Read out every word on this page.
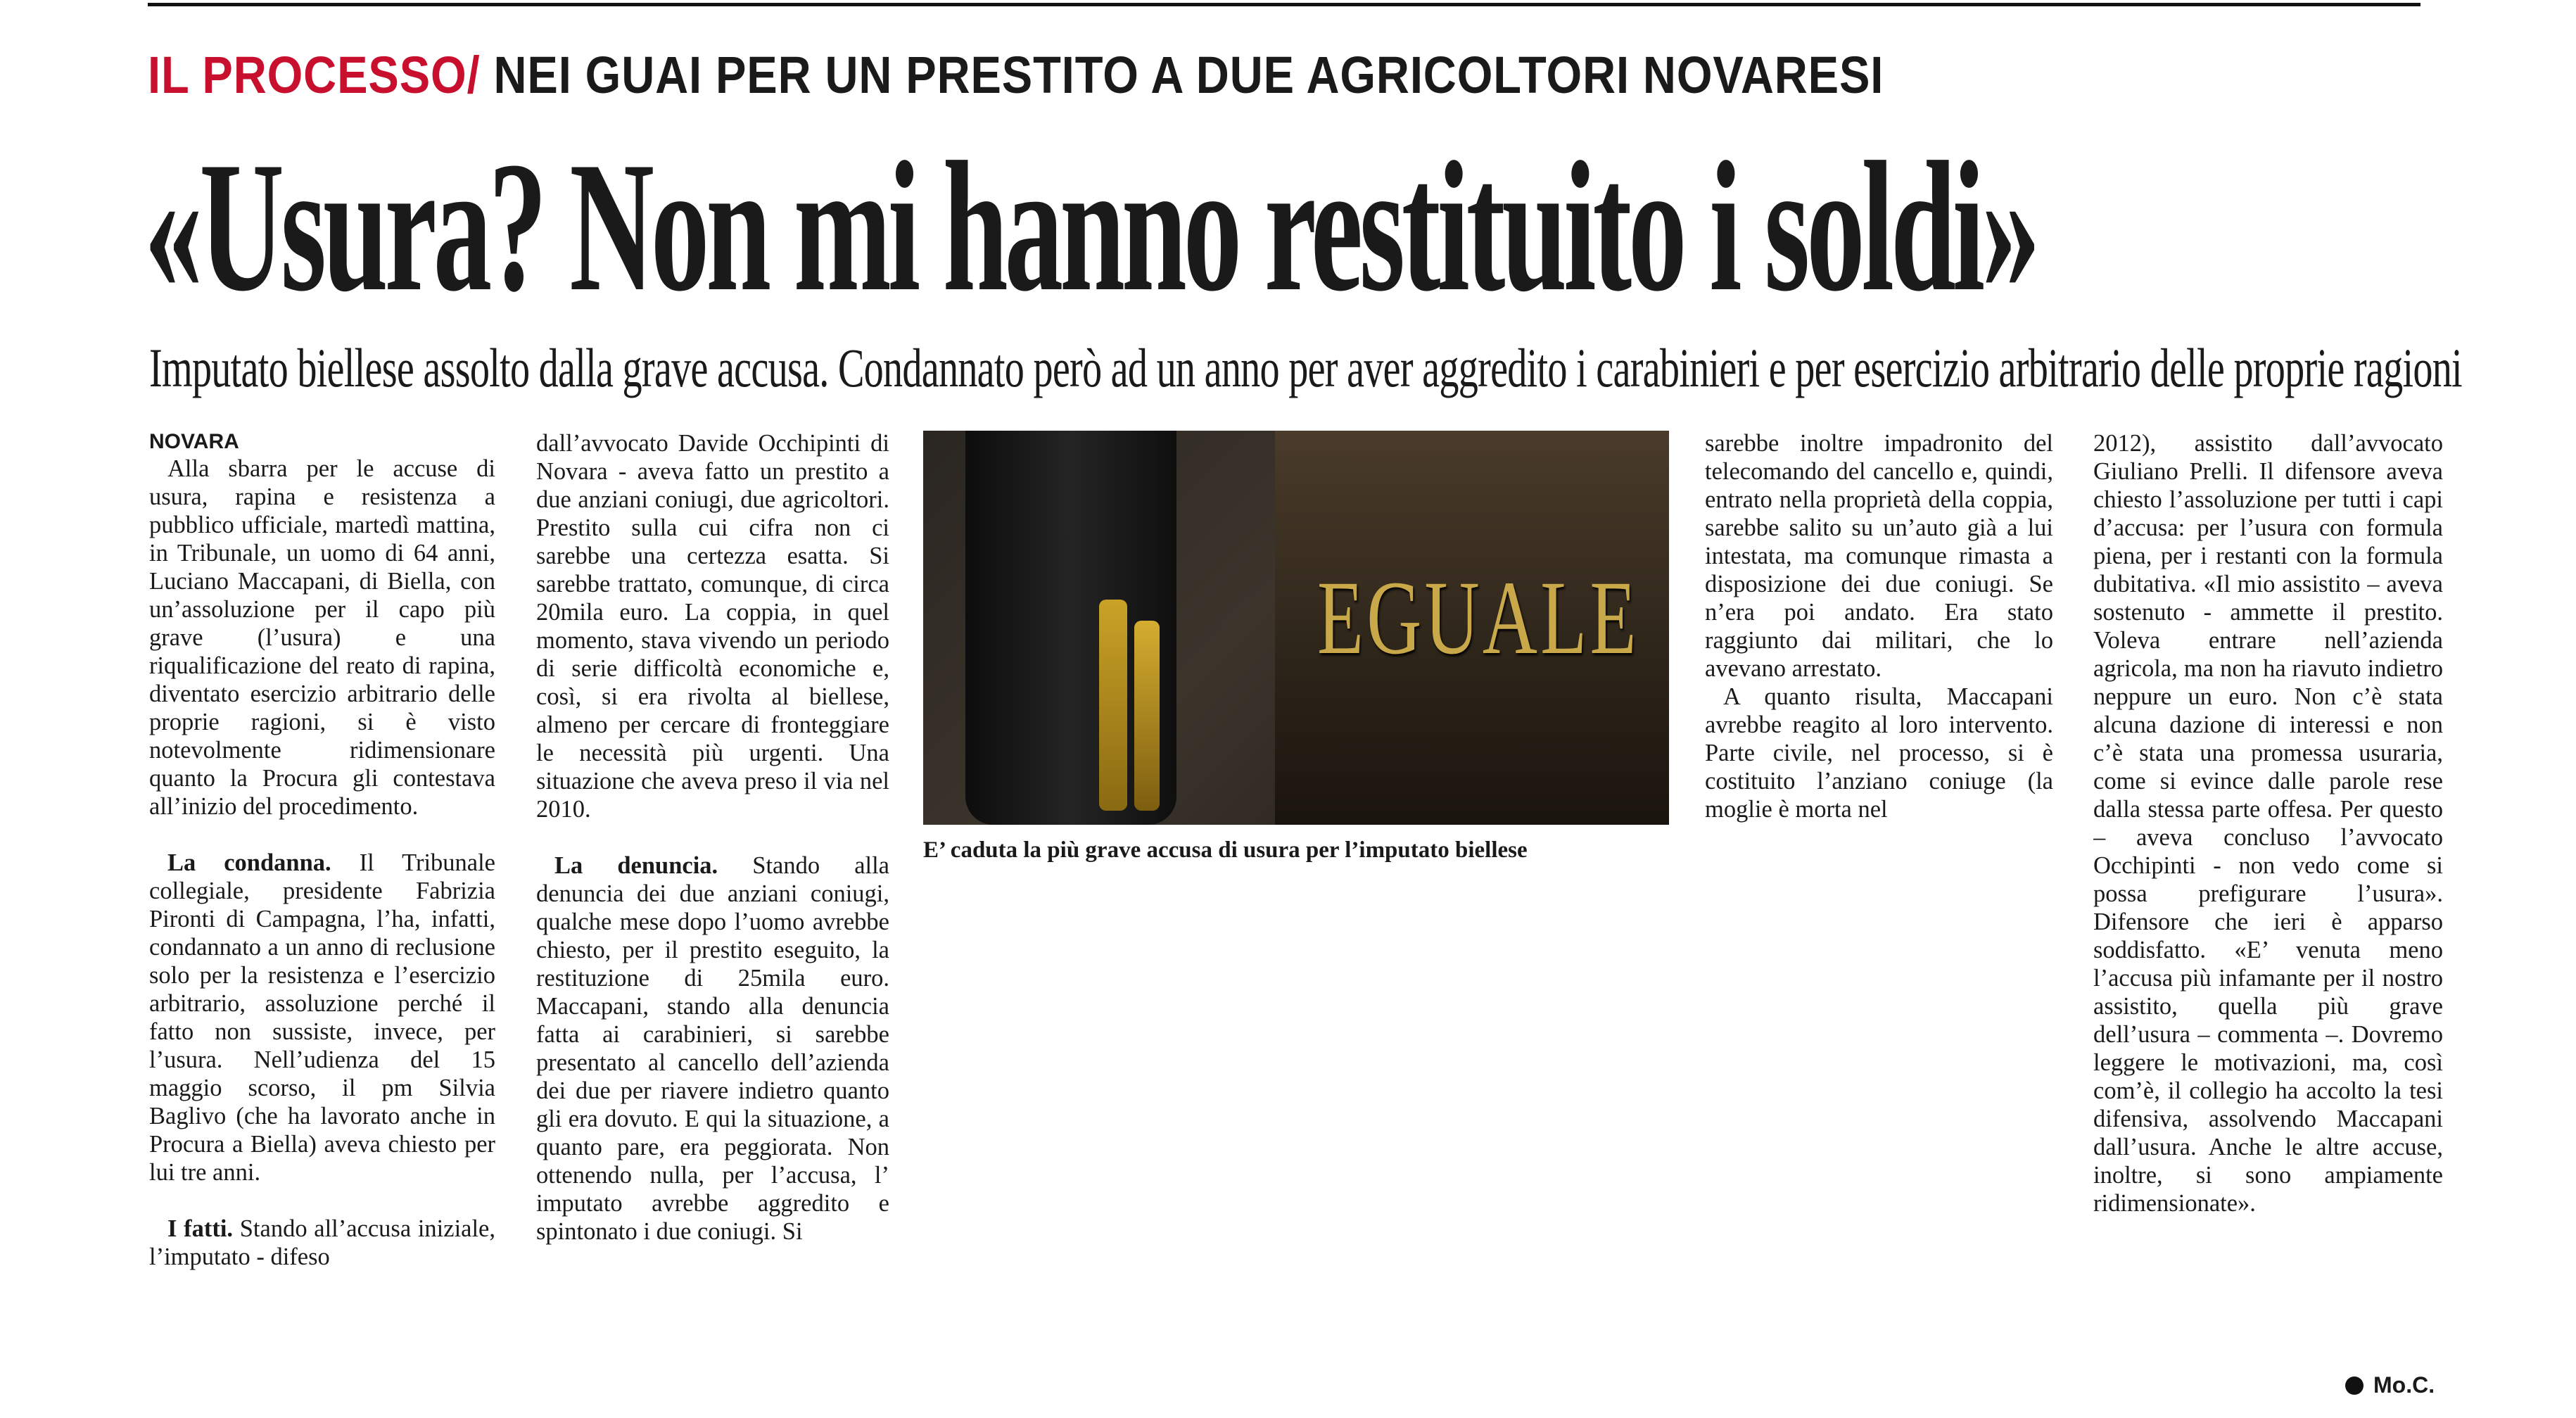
IL PROCESSO/ NEI GUAI PER UN PRESTITO A DUE AGRICOLTORI NOVARESI
«Usura? Non mi hanno restituito i soldi»
Imputato biellese assolto dalla grave accusa. Condannato però ad un anno per aver aggredito i carabinieri e per esercizio arbitrario delle proprie ragioni
NOVARA

Alla sbarra per le accuse di usura, rapina e resistenza a pubblico ufficiale, martedì mattina, in Tribunale, un uomo di 64 anni, Luciano Maccapani, di Biella, con un’assoluzione per il capo più grave (l’usura) e una riqualificazione del reato di rapina, diventato esercizio arbitrario delle proprie ragioni, si è visto notevolmente ridimensionare quanto la Procura gli contestava all’inizio del procedimento.

La condanna. Il Tribunale collegiale, presidente Fabrizia Pironti di Campagna, l’ha, infatti, condannato a un anno di reclusione solo per la resistenza e l’esercizio arbitrario, assoluzione perché il fatto non sussiste, invece, per l’usura. Nell’udienza del 15 maggio scorso, il pm Silvia Baglivo (che ha lavorato anche in Procura a Biella) aveva chiesto per lui tre anni.

I fatti. Stando all’accusa iniziale, l’imputato - difeso

dall’avvocato Davide Occhipinti di Novara - aveva fatto un prestito a due anziani coniugi, due agricoltori. Prestito sulla cui cifra non ci sarebbe una certezza esatta. Si sarebbe trattato, comunque, di circa 20mila euro. La coppia, in quel momento, stava vivendo un periodo di serie difficoltà economiche e, così, si era rivolta al biellese, almeno per cercare di fronteggiare le necessità più urgenti. Una situazione che aveva preso il via nel 2010.

La denuncia. Stando alla denuncia dei due anziani coniugi, qualche mese dopo l’uomo avrebbe chiesto, per il prestito eseguito, la restituzione di 25mila euro. Maccapani, stando alla denuncia fatta ai carabinieri, si sarebbe presentato al cancello dell’azienda dei due per riavere indietro quanto gli era dovuto. E qui la situazione, a quanto pare, era peggiorata. Non ottenendo nulla, per l’accusa, l’ imputato avrebbe aggredito e spintonato i due coniugi. Si

EGUALE
E’ caduta la più grave accusa di usura per l’imputato biellese

sarebbe inoltre impadronito del telecomando del cancello e, quindi, entrato nella proprietà della coppia, sarebbe salito su un’auto già a lui intestata, ma comunque rimasta a disposizione dei due coniugi. Se n’era poi andato. Era stato raggiunto dai militari, che lo avevano arrestato.

A quanto risulta, Maccapani avrebbe reagito al loro intervento. Parte civile, nel processo, si è costituito l’anziano coniuge (la moglie è morta nel

2012), assistito dall’avvocato Giuliano Prelli. Il difensore aveva chiesto l’assoluzione per tutti i capi d’accusa: per l’usura con formula piena, per i restanti con la formula dubitativa. «Il mio assistito – aveva sostenuto - ammette il prestito. Voleva entrare nell’azienda agricola, ma non ha riavuto indietro neppure un euro. Non c’è stata alcuna dazione di interessi e non c’è stata una promessa usuraria, come si evince dalle parole rese dalla stessa parte offesa. Per questo – aveva concluso l’avvocato Occhipinti - non vedo come si possa prefigurare l’usura». Difensore che ieri è apparso soddisfatto. «E’ venuta meno l’accusa più infamante per il nostro assistito, quella più grave dell’usura – commenta –. Dovremo leggere le motivazioni, ma, così com’è, il collegio ha accolto la tesi difensiva, assolvendo Maccapani dall’usura. Anche le altre accuse, inoltre, si sono ampiamente ridimensionate».

Mo.C.
